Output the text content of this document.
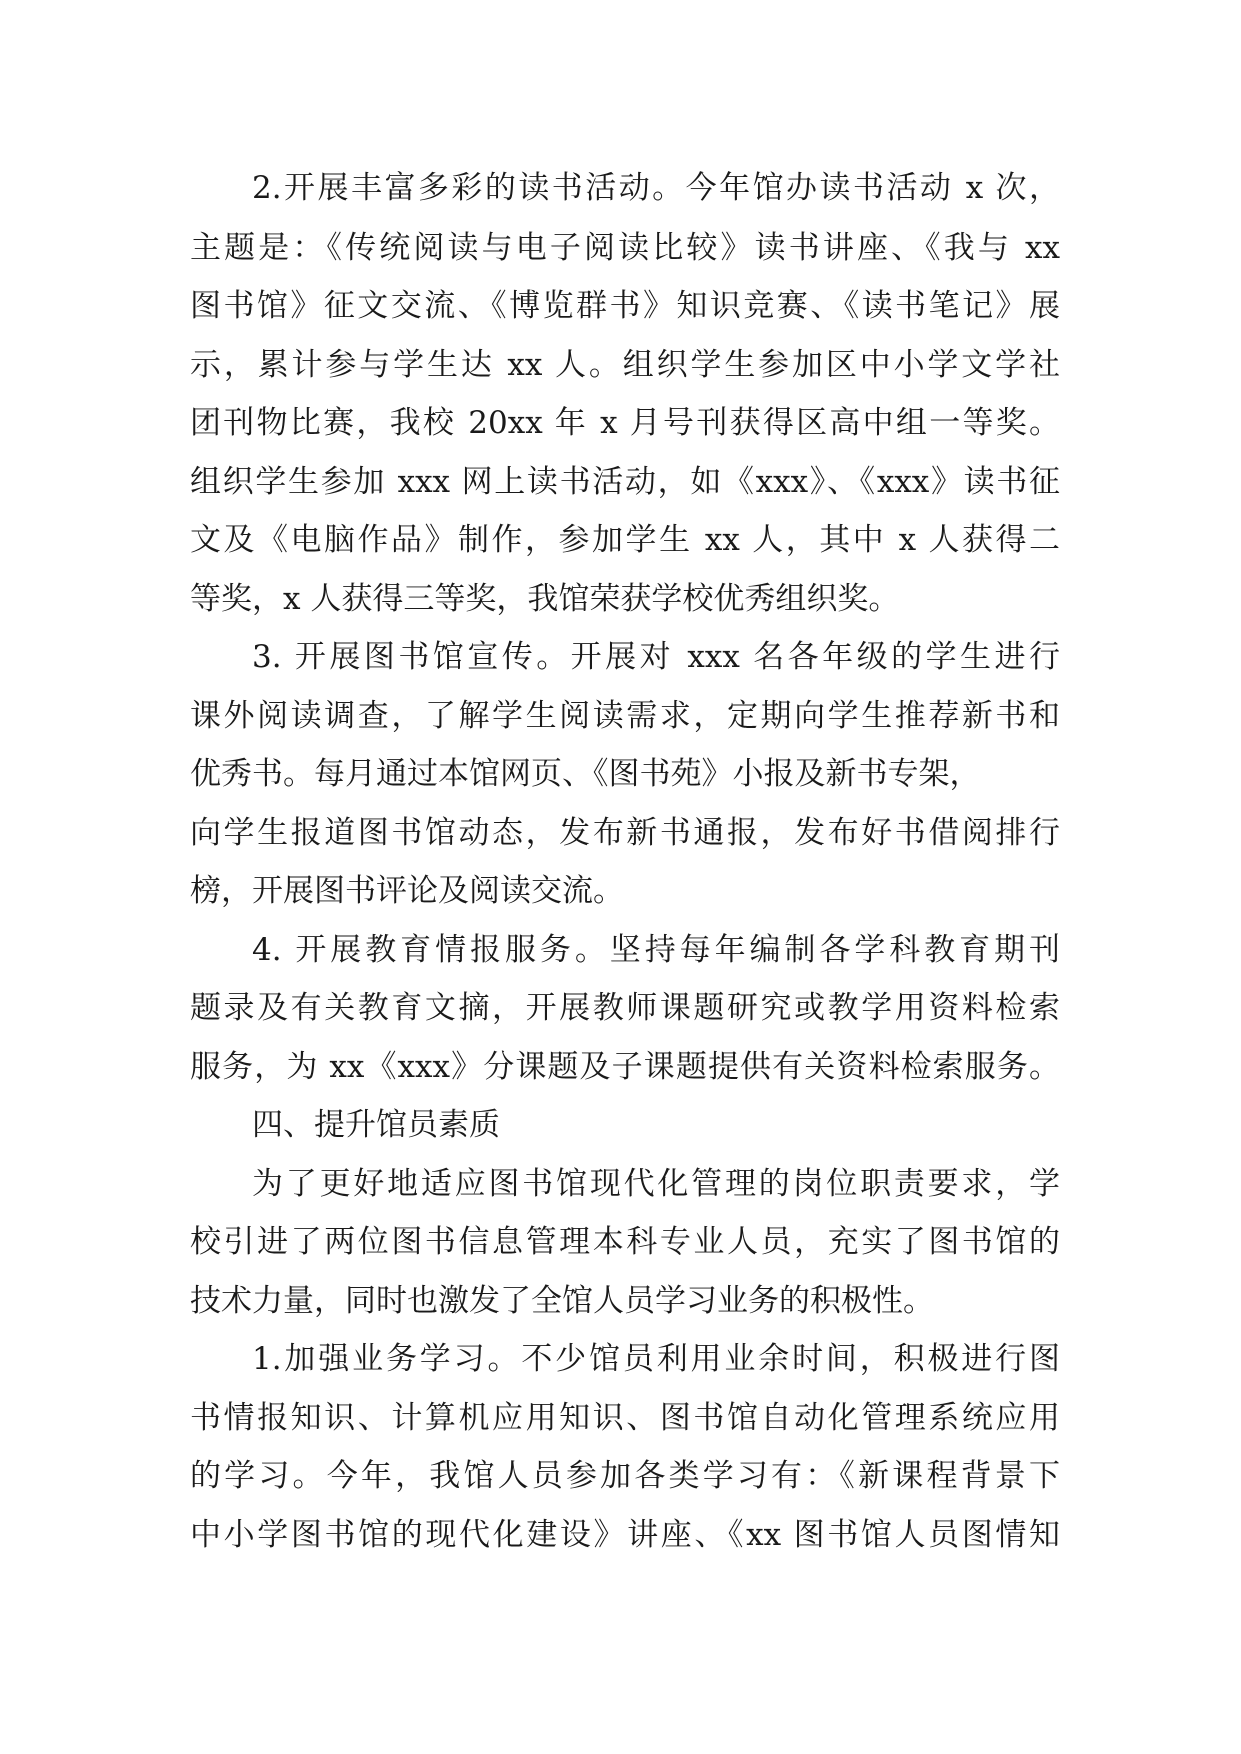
2.开展丰富多彩的读书活动。今年馆办读书活动 x 次，
主题是：《传统阅读与电子阅读比较》读书讲座、《我与 xx
图书馆》征文交流、《博览群书》知识竞赛、《读书笔记》展
示，累计参与学生达 xx 人。组织学生参加区中小学文学社
团刊物比赛，我校 20xx 年 x 月号刊获得区高中组一等奖。
组织学生参加 xxx 网上读书活动，如《xxx》、《xxx》读书征
文及《电脑作品》制作，参加学生 xx 人，其中 x 人获得二
等奖，x 人获得三等奖，我馆荣获学校优秀组织奖。
3. 开展图书馆宣传。开展对 xxx 名各年级的学生进行
课外阅读调查，了解学生阅读需求，定期向学生推荐新书和
优秀书。每月通过本馆网页、《图书苑》小报及新书专架，
向学生报道图书馆动态，发布新书通报，发布好书借阅排行
榜，开展图书评论及阅读交流。
4. 开展教育情报服务。坚持每年编制各学科教育期刊
题录及有关教育文摘，开展教师课题研究或教学用资料检索
服务，为 xx《xxx》分课题及子课题提供有关资料检索服务。
四、提升馆员素质
为了更好地适应图书馆现代化管理的岗位职责要求，学
校引进了两位图书信息管理本科专业人员，充实了图书馆的
技术力量，同时也激发了全馆人员学习业务的积极性。
1.加强业务学习。不少馆员利用业余时间，积极进行图
书情报知识、计算机应用知识、图书馆自动化管理系统应用
的学习。今年，我馆人员参加各类学习有：《新课程背景下
中小学图书馆的现代化建设》讲座、《xx 图书馆人员图情知
